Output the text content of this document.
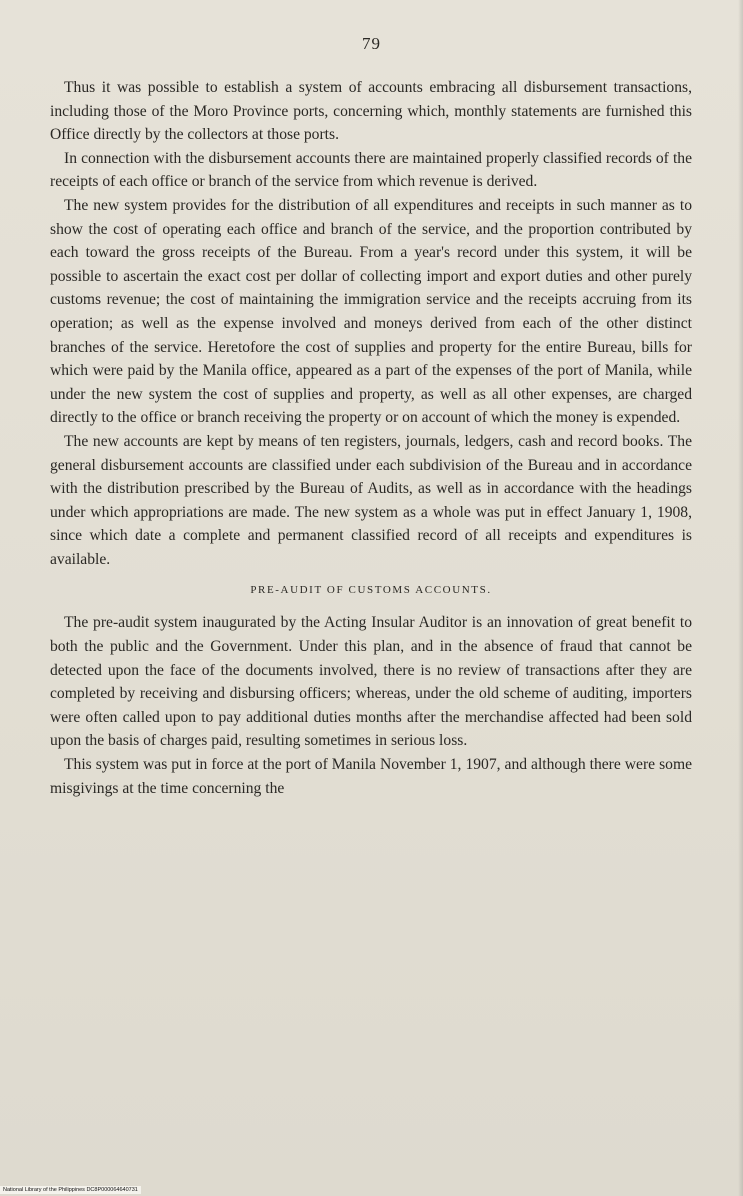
79

Thus it was possible to establish a system of accounts embracing all disbursement transactions, including those of the Moro Province ports, concerning which, monthly statements are furnished this Office directly by the collectors at those ports.

In connection with the disbursement accounts there are maintained properly classified records of the receipts of each office or branch of the service from which revenue is derived.

The new system provides for the distribution of all expenditures and receipts in such manner as to show the cost of operating each office and branch of the service, and the proportion contributed by each toward the gross receipts of the Bureau. From a year's record under this system, it will be possible to ascertain the exact cost per dollar of collecting import and export duties and other purely customs revenue; the cost of maintaining the immigration service and the receipts accruing from its operation; as well as the expense involved and moneys derived from each of the other distinct branches of the service. Heretofore the cost of supplies and property for the entire Bureau, bills for which were paid by the Manila office, appeared as a part of the expenses of the port of Manila, while under the new system the cost of supplies and property, as well as all other expenses, are charged directly to the office or branch receiving the property or on account of which the money is expended.

The new accounts are kept by means of ten registers, journals, ledgers, cash and record books. The general disbursement accounts are classified under each subdivision of the Bureau and in accordance with the distribution prescribed by the Bureau of Audits, as well as in accordance with the headings under which appropriations are made. The new system as a whole was put in effect January 1, 1908, since which date a complete and permanent classified record of all receipts and expenditures is available.

PRE-AUDIT OF CUSTOMS ACCOUNTS.

The pre-audit system inaugurated by the Acting Insular Auditor is an innovation of great benefit to both the public and the Government. Under this plan, and in the absence of fraud that cannot be detected upon the face of the documents involved, there is no review of transactions after they are completed by receiving and disbursing officers; whereas, under the old scheme of auditing, importers were often called upon to pay additional duties months after the merchandise affected had been sold upon the basis of charges paid, resulting sometimes in serious loss.

This system was put in force at the port of Manila November 1, 1907, and although there were some misgivings at the time concerning the

National Library of the Philippines DC8P000064640731
